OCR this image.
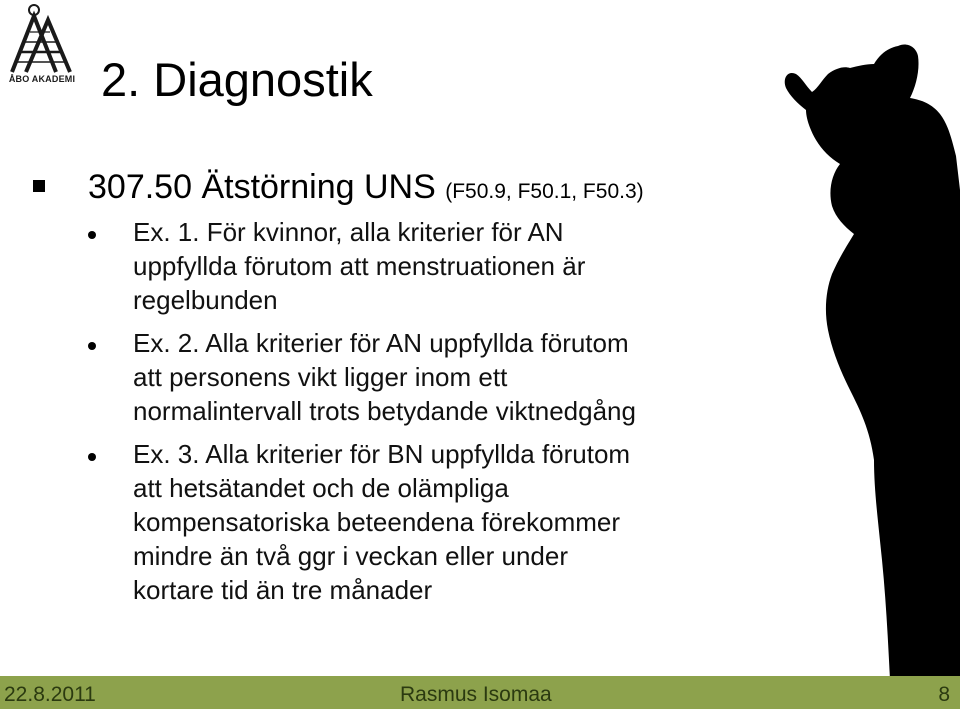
ÅBO AKADEMI 2. Diagnostik
307.50 Ätstörning UNS (F50.9, F50.1, F50.3)
Ex. 1. För kvinnor, alla kriterier för AN
uppfyllda förutom att menstruationen är
regelbunden
Ex. 2. Alla kriterier för AN uppfyllda förutom
att personens vikt ligger inom ett
normalintervall trots betydande viktnedgång
Ex. 3. Alla kriterier för BN uppfyllda förutom
att hetsätandet och de olämpliga
kompensatoriska beteendena förekommer
mindre än två ggr i veckan eller under
kortare tid än tre månader
22.8.2011	Rasmus Isomaa	8
